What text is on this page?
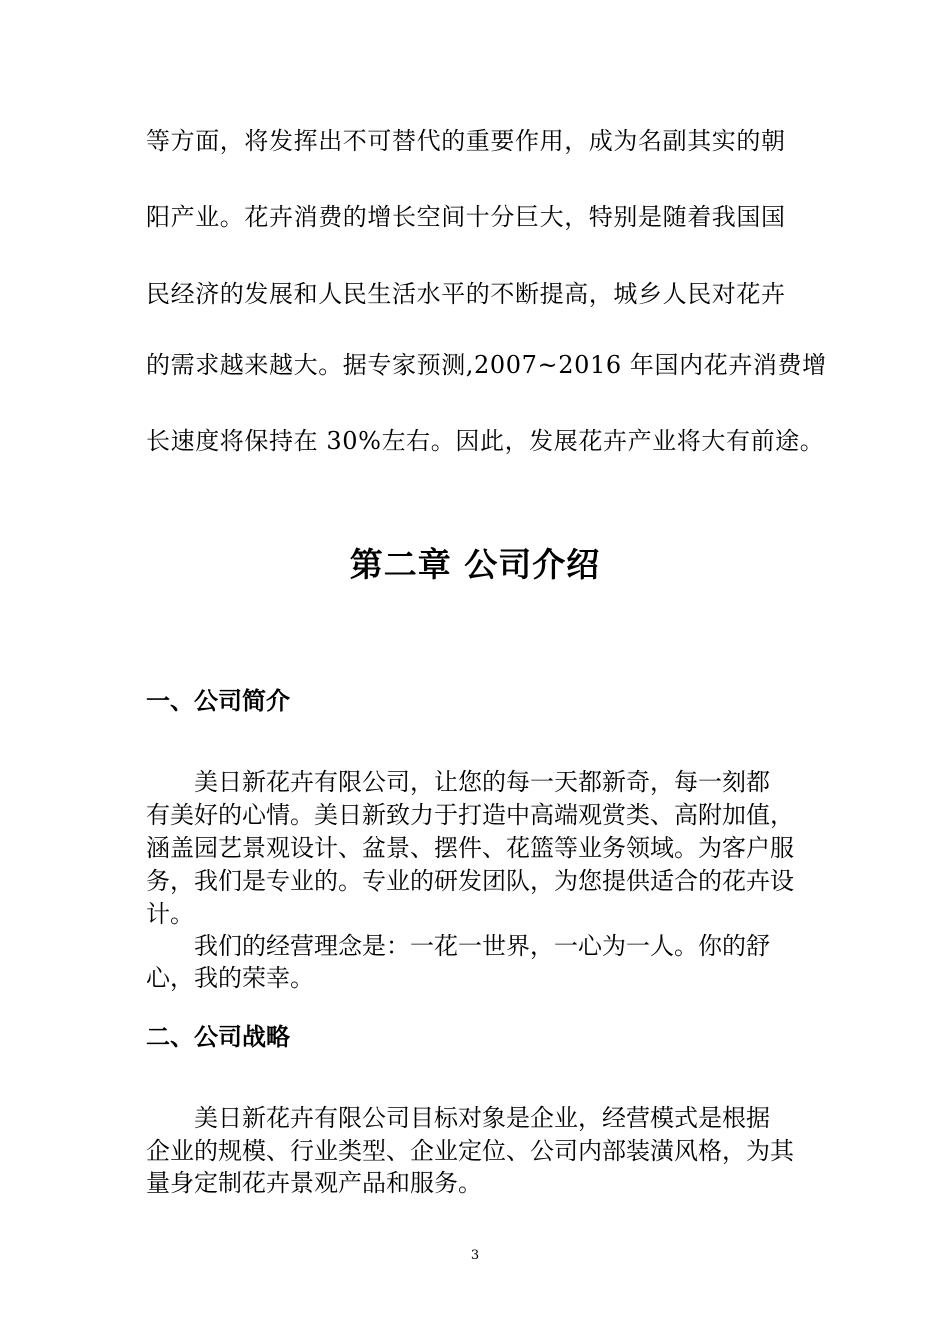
等方面，将发挥出不可替代的重要作用，成为名副其实的朝
阳产业。花卉消费的增长空间十分巨大，特别是随着我国国
民经济的发展和人民生活水平的不断提高，城乡人民对花卉
的需求越来越大。据专家预测,2007~2016 年国内花卉消费增
长速度将保持在 30%左右。因此，发展花卉产业将大有前途。
第二章 公司介绍
一、公司简介
美日新花卉有限公司，让您的每一天都新奇，每一刻都
有美好的心情。美日新致力于打造中高端观赏类、高附加值，
涵盖园艺景观设计、盆景、摆件、花篮等业务领域。为客户服
务，我们是专业的。专业的研发团队，为您提供适合的花卉设
计。
我们的经营理念是：一花一世界，一心为一人。你的舒
心，我的荣幸。
二、公司战略
美日新花卉有限公司目标对象是企业，经营模式是根据
企业的规模、行业类型、企业定位、公司内部装潢风格，为其
量身定制花卉景观产品和服务。
3
